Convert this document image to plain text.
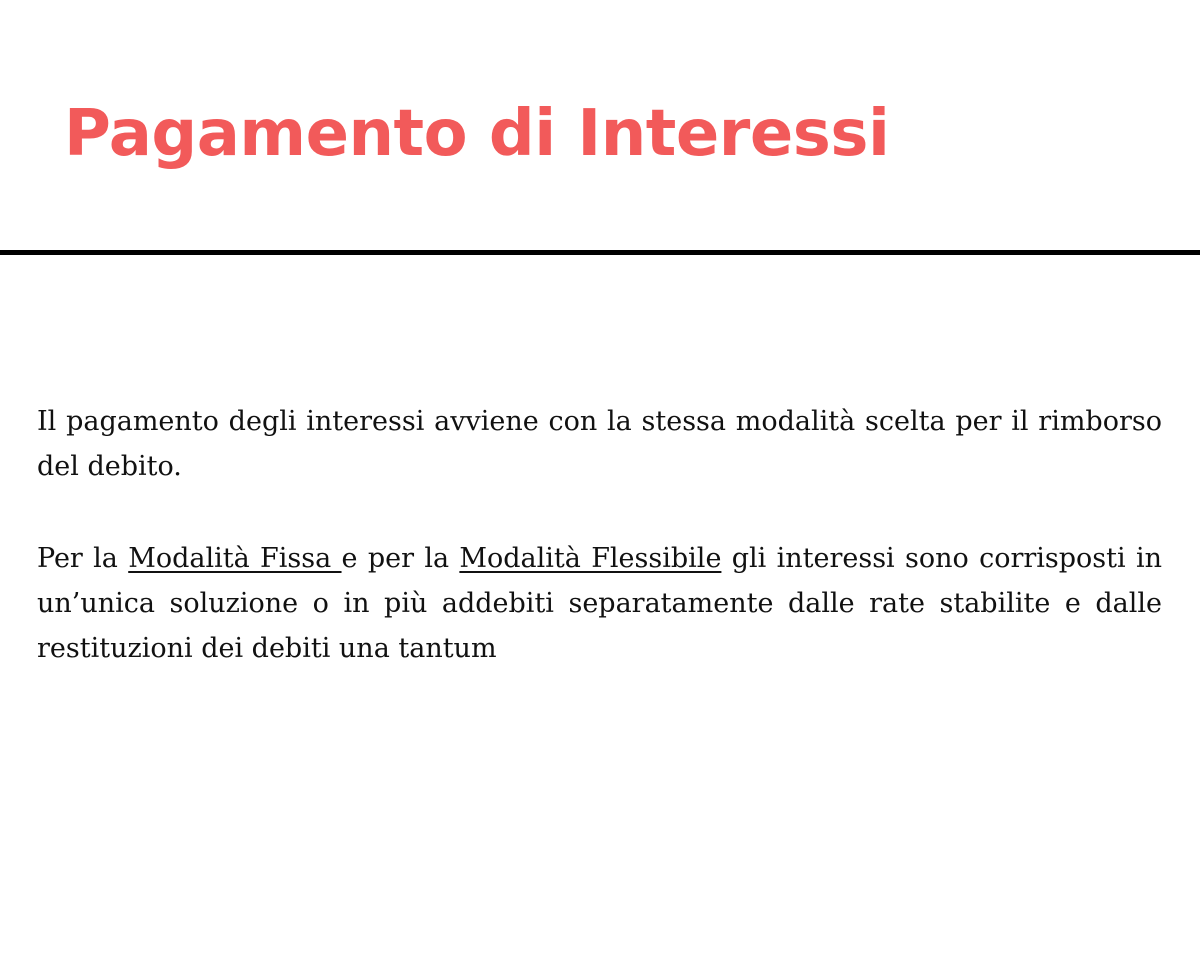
Pagamento di Interessi

Il pagamento degli interessi avviene con la stessa modalità scelta per il rimborso del debito.

Per la Modalità Fissa e per la Modalità Flessibile gli interessi sono corrisposti in un’unica soluzione o in più addebiti separatamente dalle rate stabilite e dalle restituzioni dei debiti una tantum
